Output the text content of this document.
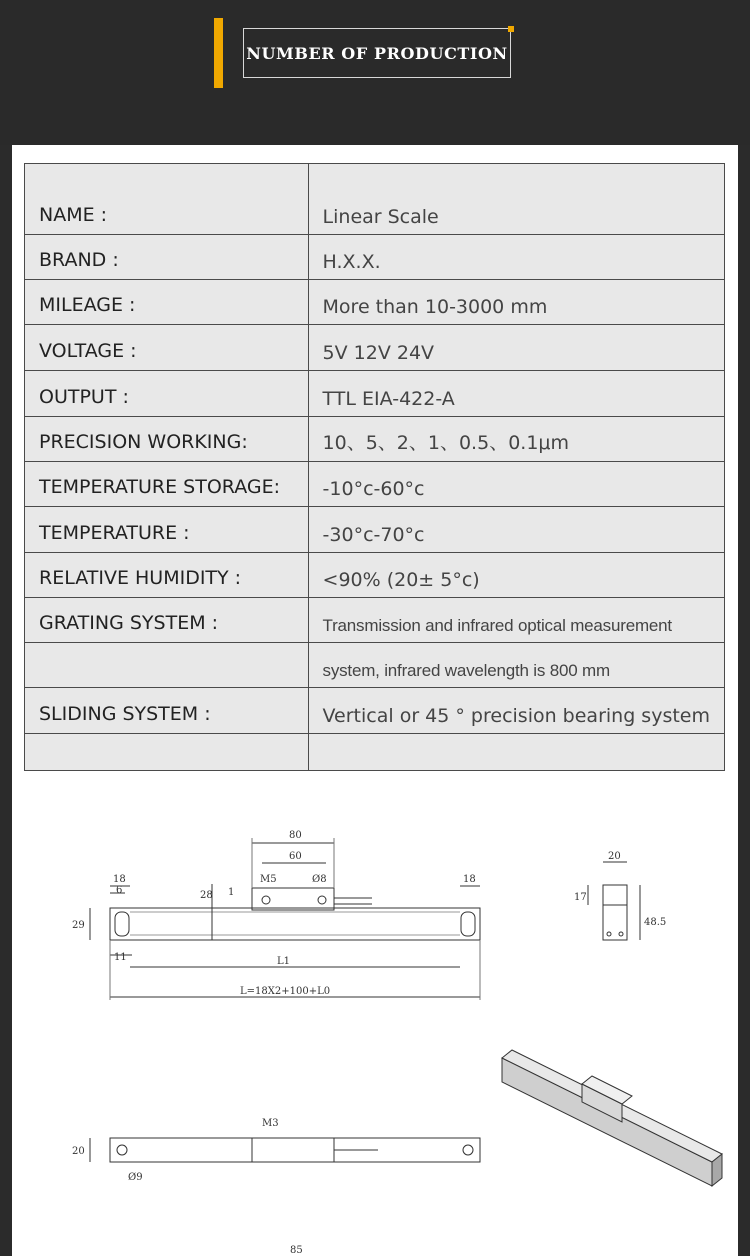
NUMBER OF PRODUCTION
NAME :	Linear Scale
BRAND :	H.X.X.
MILEAGE :	More than 10-3000 mm
VOLTAGE :	5V 12V 24V
OUTPUT :	TTL EIA-422-A
PRECISION WORKING:	10、5、2、1、0.5、0.1μm
TEMPERATURE STORAGE:	-10°c-60°c
TEMPERATURE :	-30°c-70°c
RELATIVE HUMIDITY :	<90% (20± 5°c)
GRATING SYSTEM :	Transmission and infrared optical measurement
	system, infrared wavelength is 800 mm
SLIDING SYSTEM :	Vertical or 45 ° precision bearing system

80
60
18
6	28 1
M5	Ø8	18
29
11	L1
L=18X2+100+L0
20
17
48.5
20
M3
Ø9
85
